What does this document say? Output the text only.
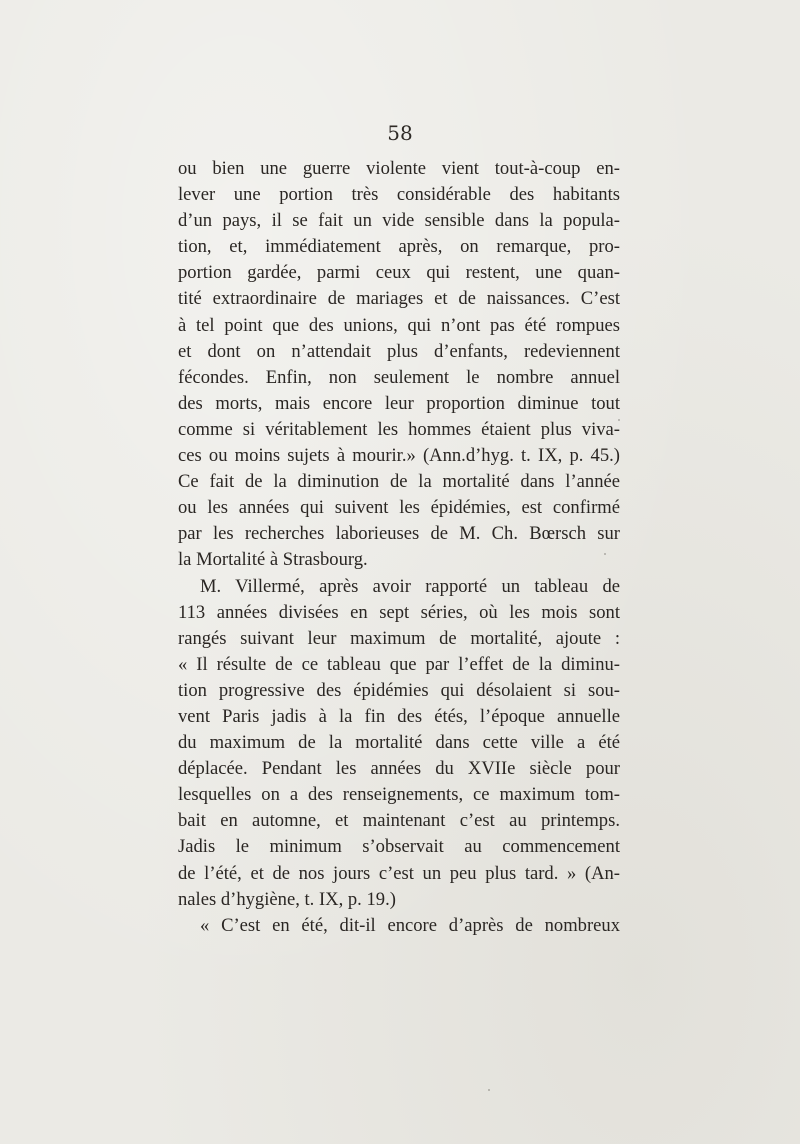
58
ou bien une guerre violente vient tout-à-coup en-
lever une portion très considérable des habitants
d’un pays, il se fait un vide sensible dans la popula-
tion, et, immédiatement après, on remarque, pro-
portion gardée, parmi ceux qui restent, une quan-
tité extraordinaire de mariages et de naissances. C’est
à tel point que des unions, qui n’ont pas été rompues
et dont on n’attendait plus d’enfants, redeviennent
fécondes. Enfin, non seulement le nombre annuel
des morts, mais encore leur proportion diminue tout
comme si véritablement les hommes étaient plus viva-
ces ou moins sujets à mourir.» (Ann.d’hyg. t. IX, p. 45.)
Ce fait de la diminution de la mortalité dans l’année
ou les années qui suivent les épidémies, est confirmé
par les recherches laborieuses de M. Ch. Bœrsch sur
la Mortalité à Strasbourg.
M. Villermé, après avoir rapporté un tableau de
113 années divisées en sept séries, où les mois sont
rangés suivant leur maximum de mortalité, ajoute :
« Il résulte de ce tableau que par l’effet de la diminu-
tion progressive des épidémies qui désolaient si sou-
vent Paris jadis à la fin des étés, l’époque annuelle
du maximum de la mortalité dans cette ville a été
déplacée. Pendant les années du XVIIe siècle pour
lesquelles on a des renseignements, ce maximum tom-
bait en automne, et maintenant c’est au printemps.
Jadis le minimum s’observait au commencement
de l’été, et de nos jours c’est un peu plus tard. » (An-
nales d’hygiène, t. IX, p. 19.)
« C’est en été, dit-il encore d’après de nombreux
